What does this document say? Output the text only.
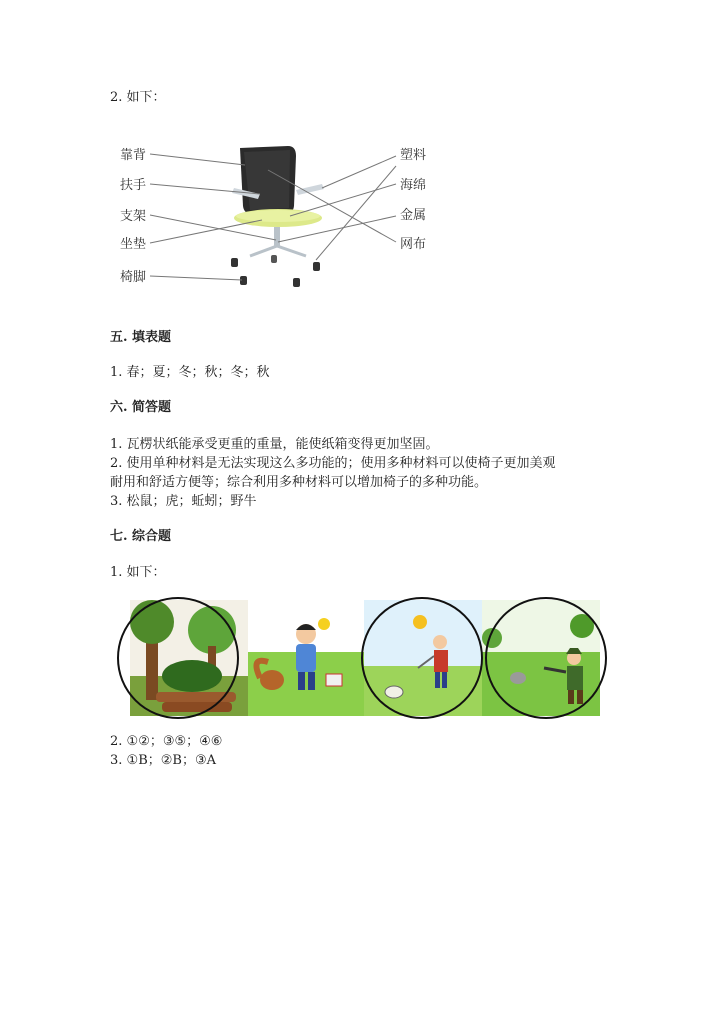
2. 如下：
靠背
扶手
支架
坐垫
椅脚
塑料
海绵
金属
网布
五. 填表题
1. 春；夏；冬；秋；冬；秋
六. 简答题
1. 瓦楞状纸能承受更重的重量，能使纸箱变得更加坚固。
2. 使用单种材料是无法实现这么多功能的；使用多种材料可以使椅子更加美观
耐用和舒适方便等；综合利用多种材料可以增加椅子的多种功能。
3. 松鼠；虎；蚯蚓；野牛
七. 综合题
1. 如下：
2. ①②；③⑤；④⑥
3. ①B；②B；③A
